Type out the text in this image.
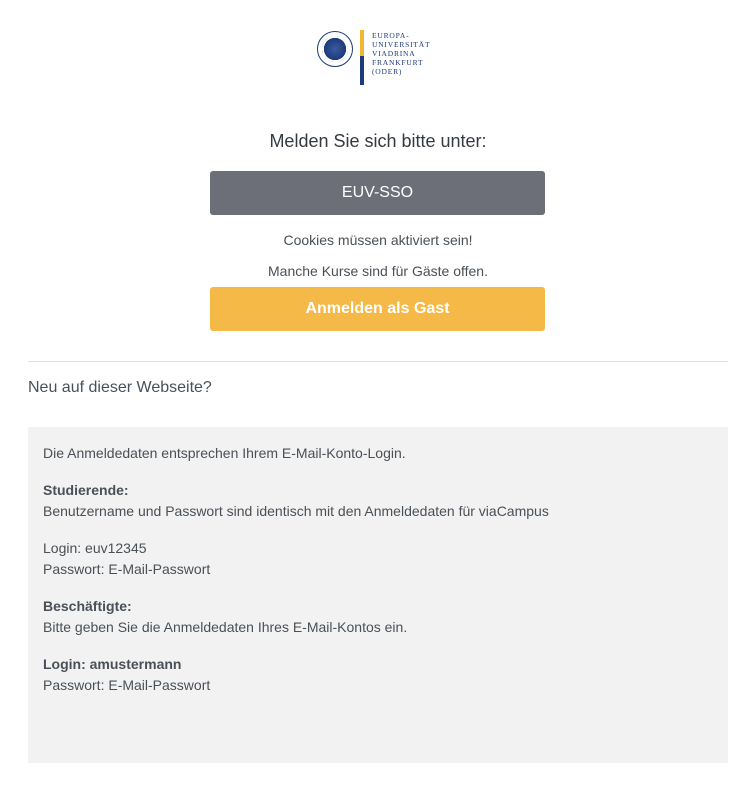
EUROPA-
UNIVERSITÄT
VIADRINA
FRANKFURT
(ODER)
Melden Sie sich bitte unter:
EUV-SSO
Cookies müssen aktiviert sein!
Manche Kurse sind für Gäste offen.
Anmelden als Gast
Neu auf dieser Webseite?

Die Anmeldedaten entsprechen Ihrem E-Mail-Konto-Login.

Studierende:
Benutzername und Passwort sind identisch mit den Anmeldedaten für viaCampus

Login: euv12345
Passwort: E-Mail-Passwort

Beschäftigte:
Bitte geben Sie die Anmeldedaten Ihres E-Mail-Kontos ein.

Login: amustermann
Passwort: E-Mail-Passwort
